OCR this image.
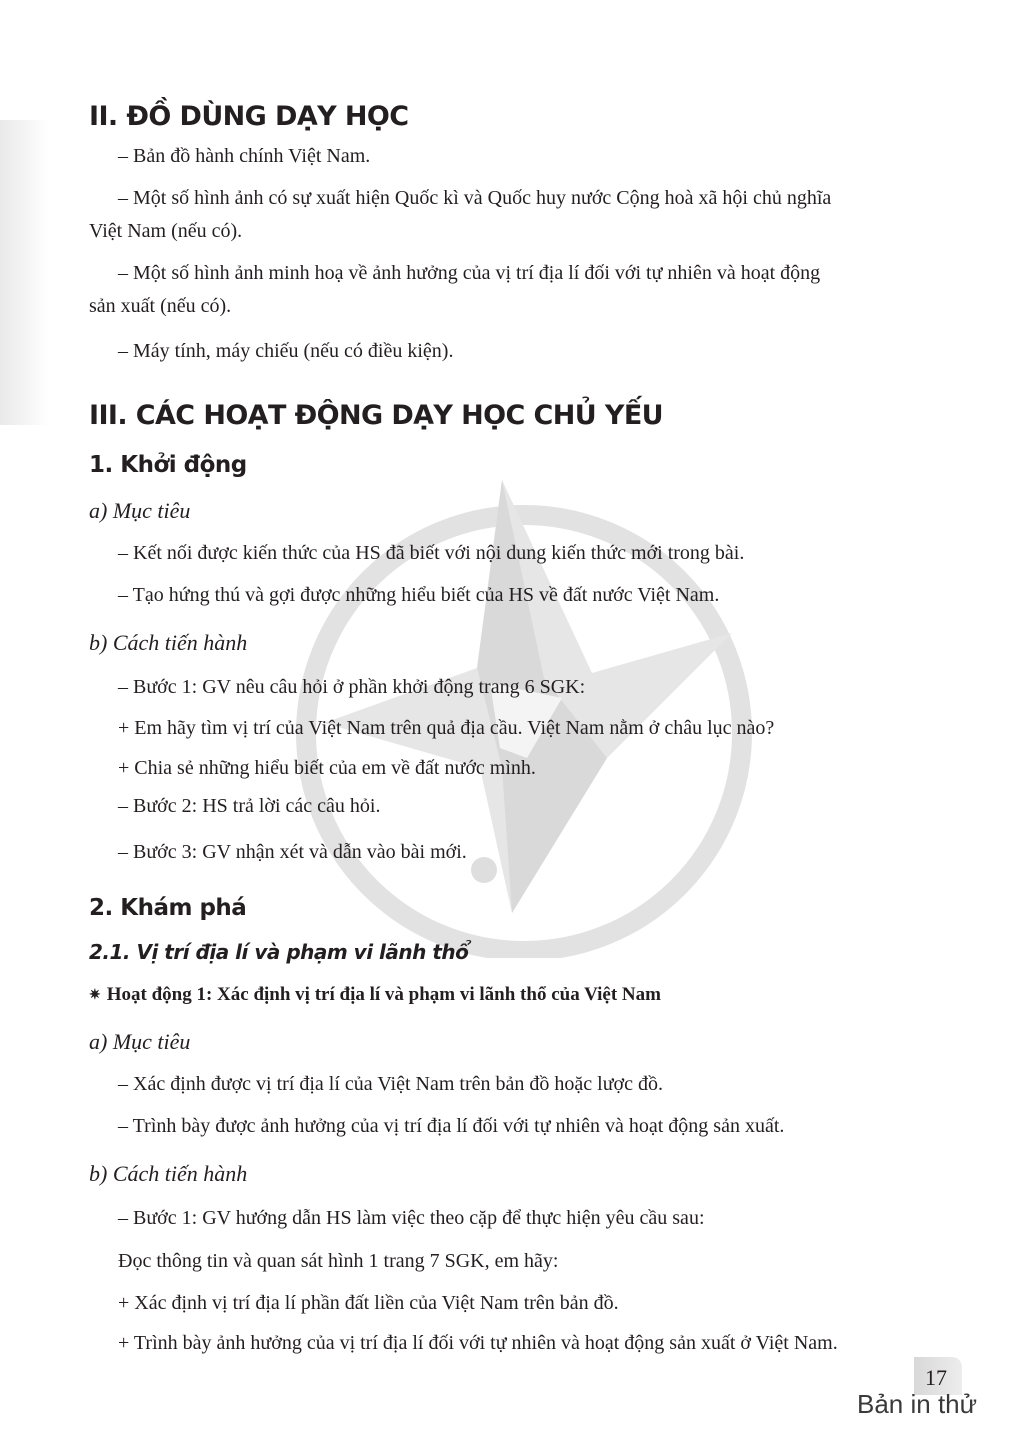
II. ĐỒ DÙNG DẠY HỌC

– Bản đồ hành chính Việt Nam.

– Một số hình ảnh có sự xuất hiện Quốc kì và Quốc huy nước Cộng hoà xã hội chủ nghĩa

Việt Nam (nếu có).

– Một số hình ảnh minh hoạ về ảnh hưởng của vị trí địa lí đối với tự nhiên và hoạt động

sản xuất (nếu có).

– Máy tính, máy chiếu (nếu có điều kiện).

III. CÁC HOẠT ĐỘNG DẠY HỌC CHỦ YẾU
1. Khởi động

a) Mục tiêu

– Kết nối được kiến thức của HS đã biết với nội dung kiến thức mới trong bài.

– Tạo hứng thú và gợi được những hiểu biết của HS về đất nước Việt Nam.

b) Cách tiến hành

– Bước 1: GV nêu câu hỏi ở phần khởi động trang 6 SGK:

+ Em hãy tìm vị trí của Việt Nam trên quả địa cầu. Việt Nam nằm ở châu lục nào?

+ Chia sẻ những hiểu biết của em về đất nước mình.

– Bước 2: HS trả lời các câu hỏi.

– Bước 3: GV nhận xét và dẫn vào bài mới.

2. Khám phá
2.1. Vị trí địa lí và phạm vi lãnh thổ

✷ Hoạt động 1: Xác định vị trí địa lí và phạm vi lãnh thổ của Việt Nam

a) Mục tiêu

– Xác định được vị trí địa lí của Việt Nam trên bản đồ hoặc lược đồ.

– Trình bày được ảnh hưởng của vị trí địa lí đối với tự nhiên và hoạt động sản xuất.

b) Cách tiến hành

– Bước 1: GV hướng dẫn HS làm việc theo cặp để thực hiện yêu cầu sau:

Đọc thông tin và quan sát hình 1 trang 7 SGK, em hãy:

+ Xác định vị trí địa lí phần đất liền của Việt Nam trên bản đồ.

+ Trình bày ảnh hưởng của vị trí địa lí đối với tự nhiên và hoạt động sản xuất ở Việt Nam.

17
Bản in thử
